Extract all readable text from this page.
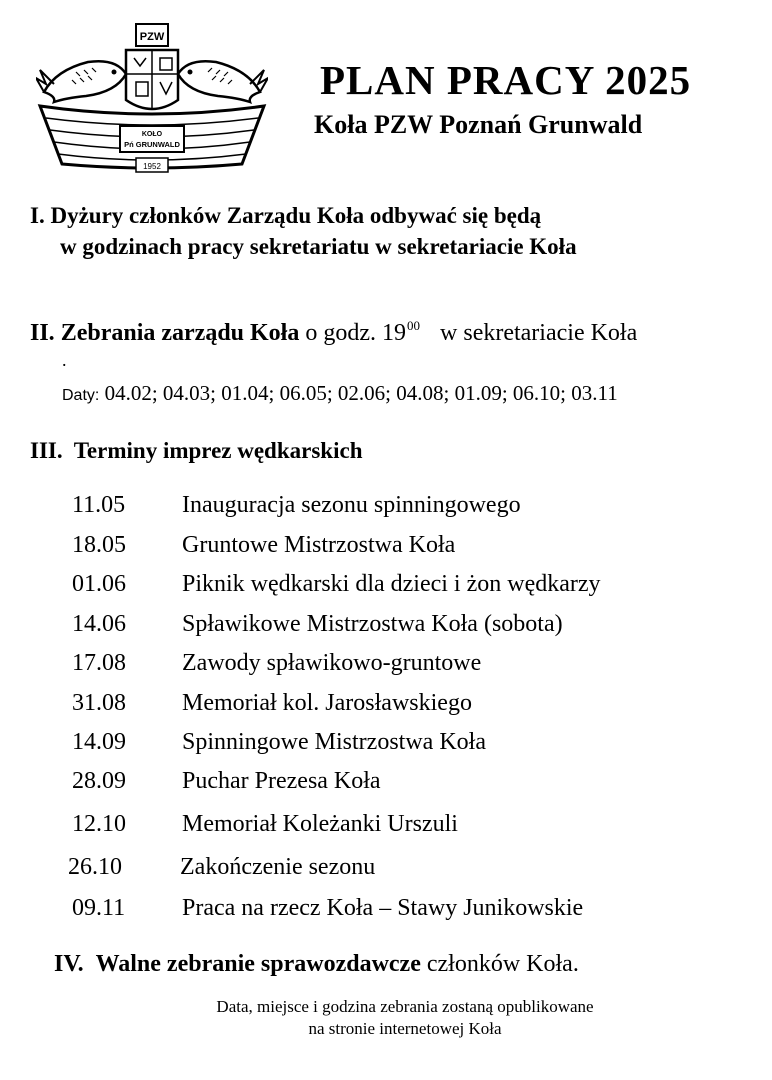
PZW
KOŁO
Pń GRUNWALD
1952
PLAN PRACY 2025
Koła PZW Poznań Grunwald
I. Dyżury członków Zarządu Koła odbywać się będą
w godzinach pracy sekretariatu w sekretariacie Koła
II. Zebrania zarządu Koła o godz. $19^{00}$ w sekretariacie Koła
.
Daty: 04.02; 04.03; 01.04; 06.05; 02.06; 04.08; 01.09; 06.10; 03.11
III. Terminy imprez wędkarskich
11.05 Inauguracja sezonu spinningowego
18.05 Gruntowe Mistrzostwa Koła
01.06 Piknik wędkarski dla dzieci i żon wędkarzy
14.06 Spławikowe Mistrzostwa Koła (sobota)
17.08 Zawody spławikowo-gruntowe
31.08 Memoriał kol. Jarosławskiego
14.09 Spinningowe Mistrzostwa Koła
28.09 Puchar Prezesa Koła
12.10 Memoriał Koleżanki Urszuli
26.10 Zakończenie sezonu
09.11 Praca na rzecz Koła – Stawy Junikowskie
IV. Walne zebranie sprawozdawcze członków Koła.
Data, miejsce i godzina zebrania zostaną opublikowane
na stronie internetowej Koła
